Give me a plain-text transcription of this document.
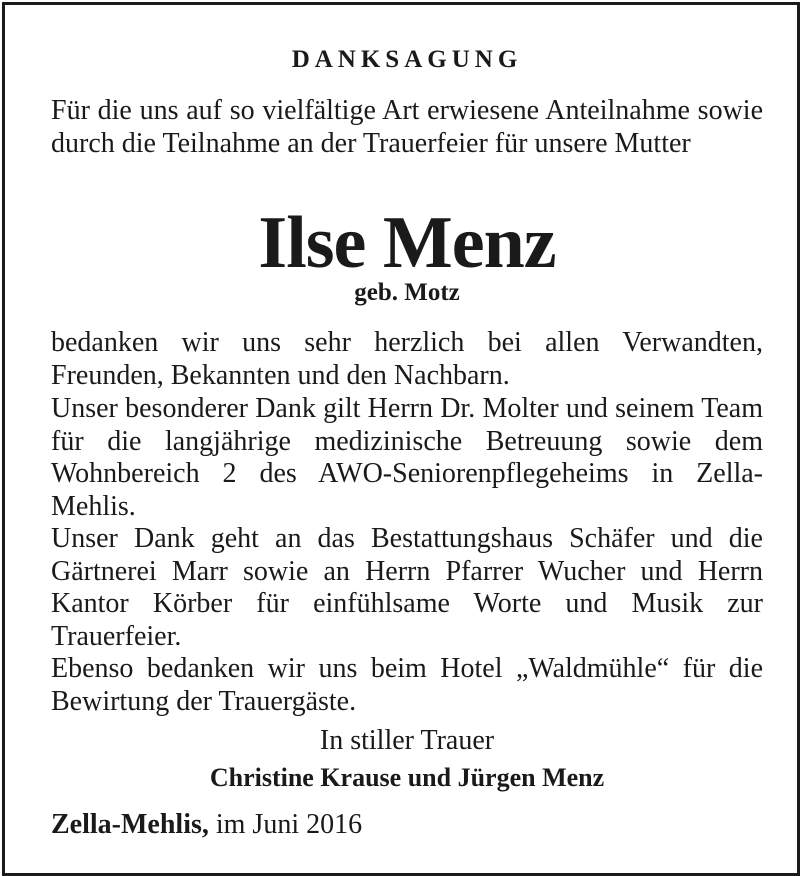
DANKSAGUNG

Für die uns auf so vielfältige Art erwiesene Anteilnahme sowie durch die Teilnahme an der Trauerfeier für unsere Mutter

Ilse Menz
geb. Motz

bedanken wir uns sehr herzlich bei allen Verwandten, Freunden, Bekannten und den Nachbarn.

Unser besonderer Dank gilt Herrn Dr. Molter und seinem Team für die langjährige medizinische Betreuung sowie dem Wohnbereich 2 des AWO-Seniorenpflegeheims in Zella-Mehlis.

Unser Dank geht an das Bestattungshaus Schäfer und die Gärtnerei Marr sowie an Herrn Pfarrer Wucher und Herrn Kantor Körber für einfühlsame Worte und Musik zur Trauerfeier.

Ebenso bedanken wir uns beim Hotel „Waldmühle“ für die Bewirtung der Trauergäste.

In stiller Trauer
Christine Krause und Jürgen Menz
Zella-Mehlis, im Juni 2016
